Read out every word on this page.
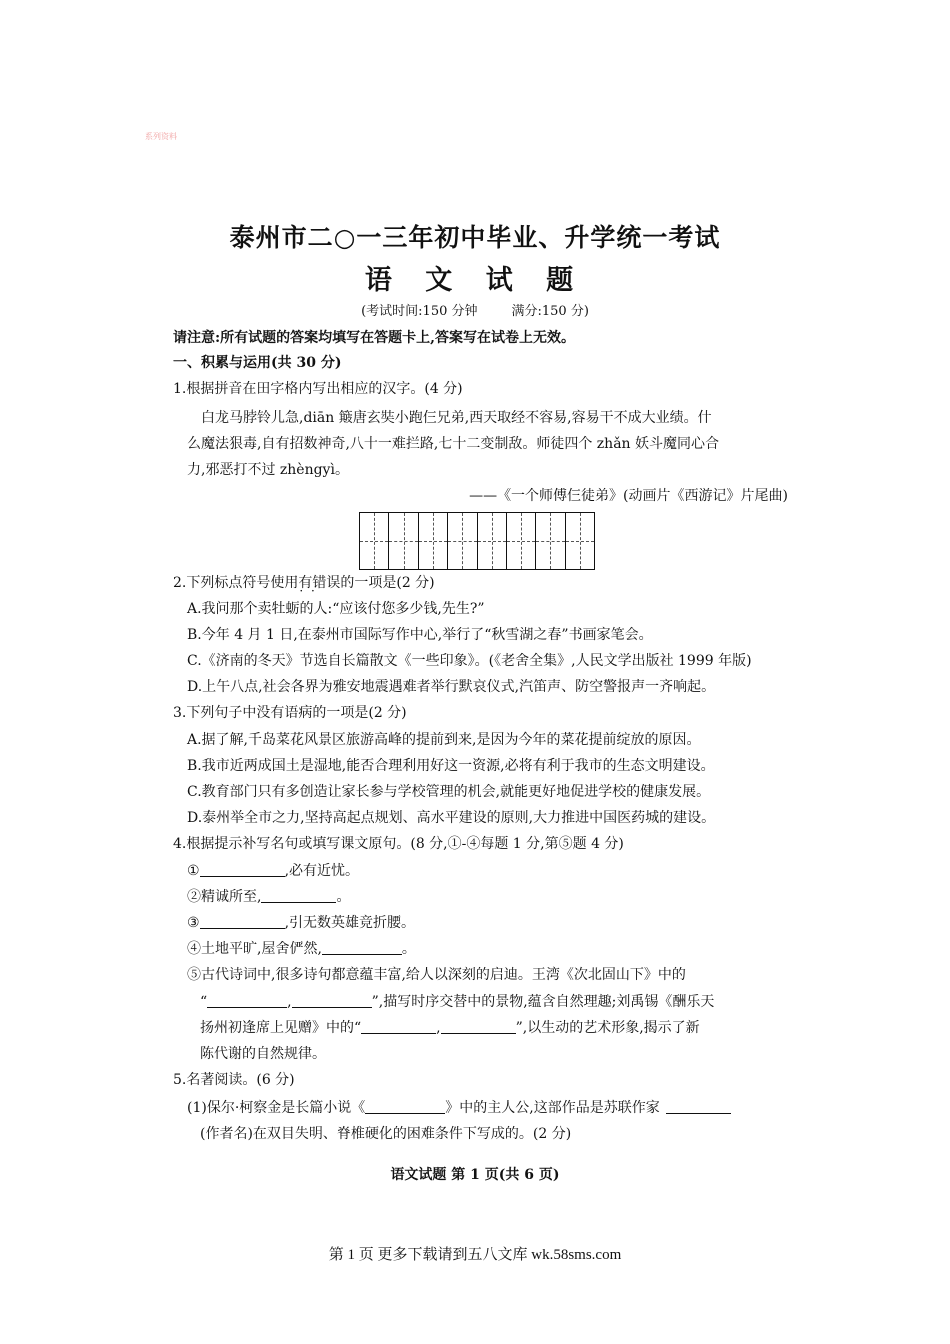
系列资料
泰州市二○一三年初中毕业、升学统一考试
语 文 试 题
(考试时间:150 分钟	满分:150 分)
请注意:所有试题的答案均填写在答题卡上,答案写在试卷上无效。
一、积累与运用(共 30 分)
1.根据拼音在田字格内写出相应的汉字。(4 分)
白龙马脖铃儿急,diān 簸唐玄奘小跑仨兄弟,西天取经不容易,容易干不成大业绩。什
么魔法狠毒,自有招数神奇,八十一难拦路,七十二变制敌。师徒四个 zhǎn 妖斗魔同心合
力,邪恶打不过 zhèngyì。
——《一个师傅仨徒弟》(动画片《西游记》片尾曲)
2.下列标点符号使用有错误 · ·的一项是(2 分)
A.我问那个卖牡蛎的人:“应该付您多少钱,先生?”
B.今年 4 月 1 日,在泰州市国际写作中心,举行了“秋雪湖之春”书画家笔会。
C.《济南的冬天》节选自长篇散文《一些印象》。(《老舍全集》,人民文学出版社 1999 年版)
D.上午八点,社会各界为雅安地震遇难者举行默哀仪式,汽笛声、防空警报声一齐响起。
3.下列句子中没有语病的一项是(2 分)
A.据了解,千岛菜花风景区旅游高峰的提前到来,是因为今年的菜花提前绽放的原因。
B.我市近两成国土是湿地,能否合理利用好这一资源,必将有利于我市的生态文明建设。
C.教育部门只有多创造让家长参与学校管理的机会,就能更好地促进学校的健康发展。
D.泰州举全市之力,坚持高起点规划、高水平建设的原则,大力推进中国医药城的建设。
4.根据提示补写名句或填写课文原句。(8 分,①-④每题 1 分,第⑤题 4 分)
①	,必有近忧。
②精诚所至,	。
③	,引无数英雄竞折腰。
④土地平旷,屋舍俨然,	。
⑤古代诗词中,很多诗句都意蕴丰富,给人以深刻的启迪。王湾《次北固山下》中的
“	,	”,描写时序交替中的景物,蕴含自然理趣;刘禹锡《酬乐天
扬州初逢席上见赠》中的“	,	”,以生动的艺术形象,揭示了新
陈代谢的自然规律。
5.名著阅读。(6 分)
(1)保尔·柯察金是长篇小说《	》中的主人公,这部作品是苏联作家
(作者名)在双目失明、脊椎硬化的困难条件下写成的。(2 分)
语文试题 第 1 页(共 6 页)
第 1 页 更多下载请到五八文库 wk.58sms.com
